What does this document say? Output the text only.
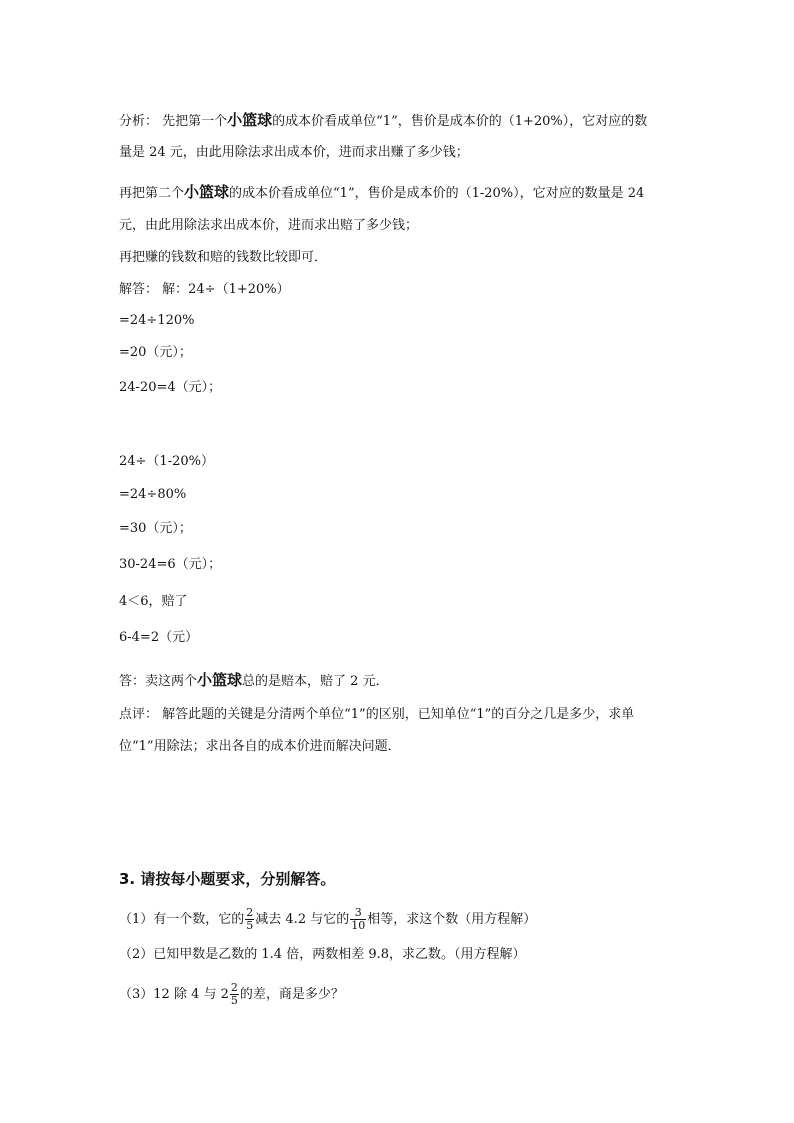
分析： 先把第一个小篮球的成本价看成单位“1”，售价是成本价的（1+20%），它对应的数
量是 24 元，由此用除法求出成本价，进而求出赚了多少钱；
再把第二个小篮球的成本价看成单位“1”，售价是成本价的（1-20%），它对应的数量是 24
元，由此用除法求出成本价，进而求出赔了多少钱；
再把赚的钱数和赔的钱数比较即可．
解答： 解：24÷（1+20%）
=24÷120%
=20（元）；
24-20=4（元）；
24÷（1-20%）
=24÷80%
=30（元）；
30-24=6（元）；
4＜6，赔了
6-4=2（元）
答：卖这两个小篮球总的是赔本，赔了 2 元．
点评： 解答此题的关键是分清两个单位“1”的区别，已知单位“1”的百分之几是多少，求单
位“1”用除法；求出各自的成本价进而解决问题．
3. 请按每小题要求，分别解答。
（1）有一个数，它的 $\frac{2}{5}$ 减去 4.2 与它的 $\frac{3}{10}$ 相等，求这个数（用方程解）
（2）已知甲数是乙数的 1.4 倍，两数相差 9.8，求乙数。（用方程解）
（3）12 除 4 与 $2 \frac{2}{5}$ 的差，商是多少？
